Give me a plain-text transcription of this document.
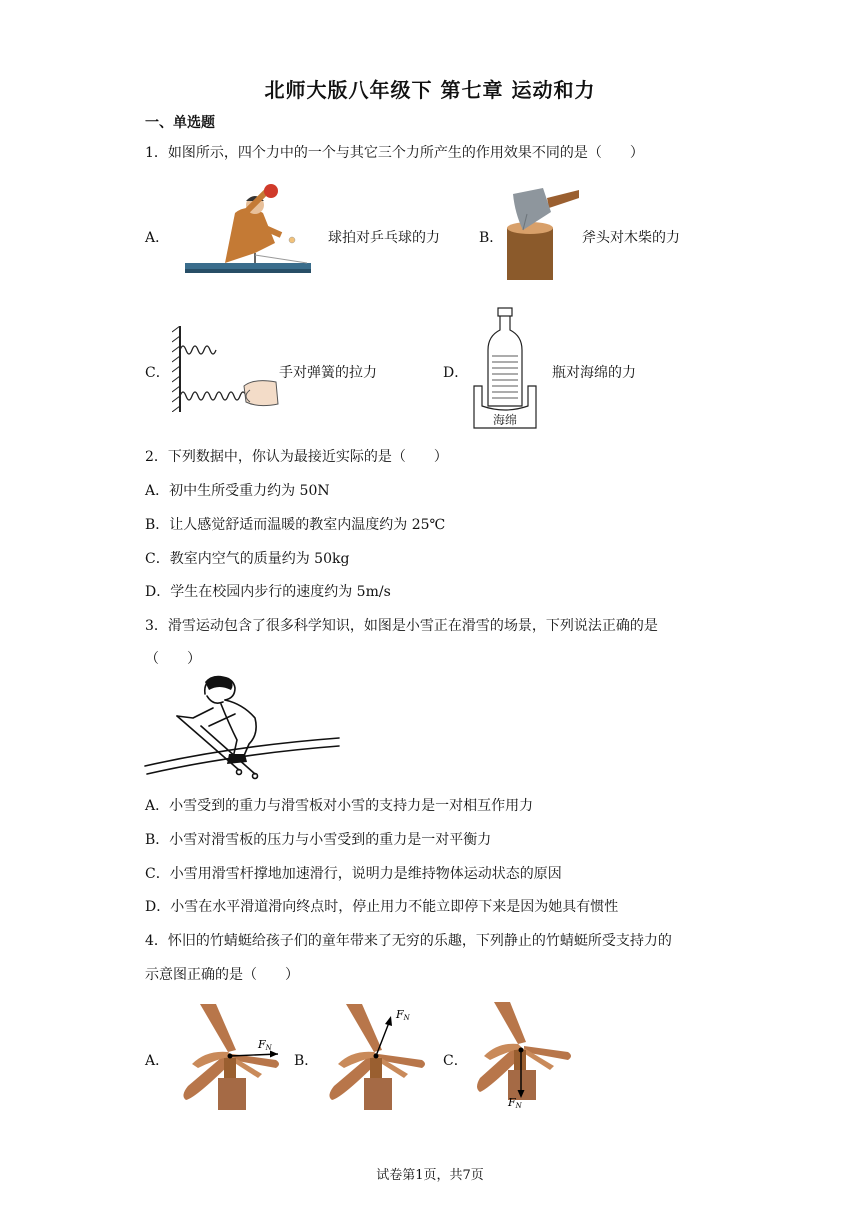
北师大版八年级下 第七章 运动和力
一、单选题
1．如图所示，四个力中的一个与其它三个力所产生的作用效果不同的是（　　）
A．	球拍对乒乓球的力	B．	斧头对木柴的力
C．	手对弹簧的拉力	D．
海绵
瓶对海绵的力
2．下列数据中，你认为最接近实际的是（　　）
A．初中生所受重力约为 50N
B．让人感觉舒适而温暖的教室内温度约为 25℃
C．教室内空气的质量约为 50kg
D．学生在校园内步行的速度约为 5m/s
3．滑雪运动包含了很多科学知识，如图是小雪正在滑雪的场景，下列说法正确的是
（　　）
A．小雪受到的重力与滑雪板对小雪的支持力是一对相互作用力
B．小雪对滑雪板的压力与小雪受到的重力是一对平衡力
C．小雪用滑雪杆撑地加速滑行，说明力是维持物体运动状态的原因
D．小雪在水平滑道滑向终点时，停止用力不能立即停下来是因为她具有惯性
4．怀旧的竹蜻蜓给孩子们的童年带来了无穷的乐趣，下列静止的竹蜻蜓所受支持力的
示意图正确的是（　　）
A．
FN
B．
FN
C．
FN
试卷第1页，共7页
